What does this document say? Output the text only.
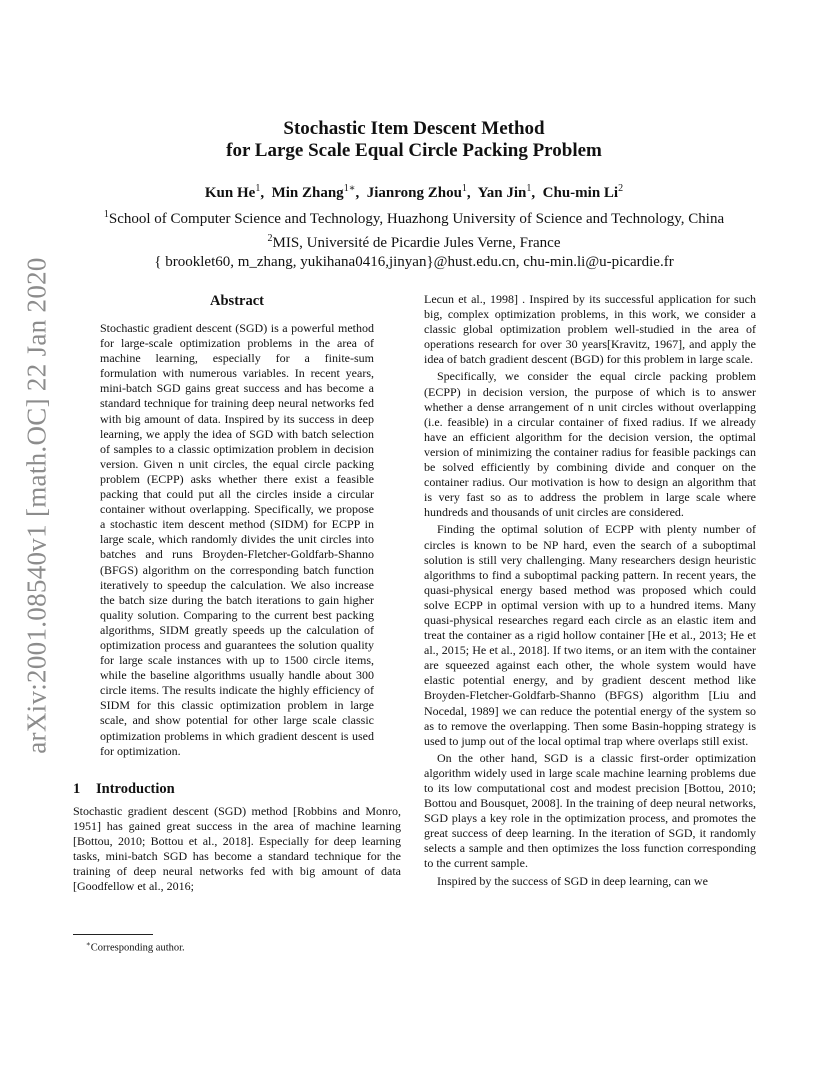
arXiv:2001.08540v1 [math.OC] 22 Jan 2020
Stochastic Item Descent Method
for Large Scale Equal Circle Packing Problem
Kun He$^1$,  Min Zhang$^{1∗}$,  Jianrong Zhou$^1$,  Yan Jin$^1$,  Chu-min Li$^2$
$^1$School of Computer Science and Technology, Huazhong University of Science and Technology, China
$^2$MIS, Université de Picardie Jules Verne, France
{ brooklet60, m_zhang, yukihana0416,jinyan}@hust.edu.cn, chu-min.li@u-picardie.fr
Abstract

Stochastic gradient descent (SGD) is a powerful method for large-scale optimization problems in the area of machine learning, especially for a finite-sum formulation with numerous variables. In recent years, mini-batch SGD gains great success and has become a standard technique for training deep neural networks fed with big amount of data. Inspired by its success in deep learning, we apply the idea of SGD with batch selection of samples to a classic optimization problem in decision version. Given n unit circles, the equal circle packing problem (ECPP) asks whether there exist a feasible packing that could put all the circles inside a circular container without overlapping. Specifically, we propose a stochastic item descent method (SIDM) for ECPP in large scale, which randomly divides the unit circles into batches and runs Broyden-Fletcher-Goldfarb-Shanno (BFGS) algorithm on the corresponding batch function iteratively to speedup the calculation. We also increase the batch size during the batch iterations to gain higher quality solution. Comparing to the current best packing algorithms, SIDM greatly speeds up the calculation of optimization process and guarantees the solution quality for large scale instances with up to 1500 circle items, while the baseline algorithms usually handle about 300 circle items. The results indicate the highly efficiency of SIDM for this classic optimization problem in large scale, and show potential for other large scale classic optimization problems in which gradient descent is used for optimization.

1 Introduction

Stochastic gradient descent (SGD) method [Robbins and Monro, 1951] has gained great success in the area of machine learning [Bottou, 2010; Bottou et al., 2018]. Especially for deep learning tasks, mini-batch SGD has become a standard technique for the training of deep neural networks fed with big amount of data [Goodfellow et al., 2016;

Lecun et al., 1998] . Inspired by its successful application for such big, complex optimization problems, in this work, we consider a classic global optimization problem well-studied in the area of operations research for over 30 years[Kravitz, 1967], and apply the idea of batch gradient descent (BGD) for this problem in large scale.

Specifically, we consider the equal circle packing problem (ECPP) in decision version, the purpose of which is to answer whether a dense arrangement of n unit circles without overlapping (i.e. feasible) in a circular container of fixed radius. If we already have an efficient algorithm for the decision version, the optimal version of minimizing the container radius for feasible packings can be solved efficiently by combining divide and conquer on the container radius. Our motivation is how to design an algorithm that is very fast so as to address the problem in large scale where hundreds and thousands of unit circles are considered.

Finding the optimal solution of ECPP with plenty number of circles is known to be NP hard, even the search of a suboptimal solution is still very challenging. Many researchers design heuristic algorithms to find a suboptimal packing pattern. In recent years, the quasi-physical energy based method was proposed which could solve ECPP in optimal version with up to a hundred items. Many quasi-physical researches regard each circle as an elastic item and treat the container as a rigid hollow container [He et al., 2013; He et al., 2015; He et al., 2018]. If two items, or an item with the container are squeezed against each other, the whole system would have elastic potential energy, and by gradient descent method like Broyden-Fletcher-Goldfarb-Shanno (BFGS) algorithm [Liu and Nocedal, 1989] we can reduce the potential energy of the system so as to remove the overlapping. Then some Basin-hopping strategy is used to jump out of the local optimal trap where overlaps still exist.

On the other hand, SGD is a classic first-order optimization algorithm widely used in large scale machine learning problems due to its low computational cost and modest precision [Bottou, 2010; Bottou and Bousquet, 2008]. In the training of deep neural networks, SGD plays a key role in the optimization process, and promotes the great success of deep learning. In the iteration of SGD, it randomly selects a sample and then optimizes the loss function corresponding to the current sample.

Inspired by the success of SGD in deep learning, can we

∗Corresponding author.
